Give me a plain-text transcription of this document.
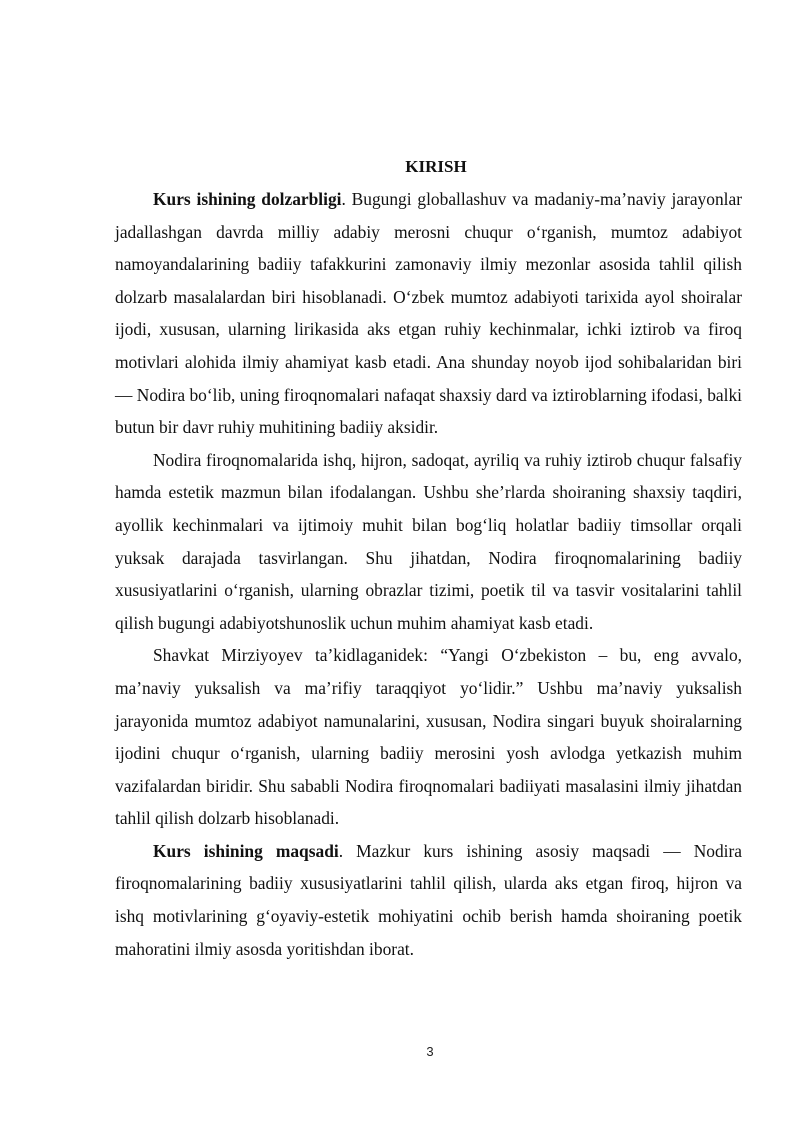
KIRISH

Kurs ishining dolzarbligi. Bugungi globallashuv va madaniy-ma’naviy jarayonlar jadallashgan davrda milliy adabiy merosni chuqur o‘rganish, mumtoz adabiyot namoyandalarining badiiy tafakkurini zamonaviy ilmiy mezonlar asosida tahlil qilish dolzarb masalalardan biri hisoblanadi. O‘zbek mumtoz adabiyoti tarixida ayol shoiralar ijodi, xususan, ularning lirikasida aks etgan ruhiy kechinmalar, ichki iztirob va firoq motivlari alohida ilmiy ahamiyat kasb etadi. Ana shunday noyob ijod sohibalaridan biri — Nodira bo‘lib, uning firoqnomalari nafaqat shaxsiy dard va iztiroblarning ifodasi, balki butun bir davr ruhiy muhitining badiiy aksidir.

Nodira firoqnomalarida ishq, hijron, sadoqat, ayriliq va ruhiy iztirob chuqur falsafiy hamda estetik mazmun bilan ifodalangan. Ushbu she’rlarda shoiraning shaxsiy taqdiri, ayollik kechinmalari va ijtimoiy muhit bilan bog‘liq holatlar badiiy timsollar orqali yuksak darajada tasvirlangan. Shu jihatdan, Nodira firoqnomalarining badiiy xususiyatlarini o‘rganish, ularning obrazlar tizimi, poetik til va tasvir vositalarini tahlil qilish bugungi adabiyotshunoslik uchun muhim ahamiyat kasb etadi.

Shavkat Mirziyoyev ta’kidlaganidek: “Yangi O‘zbekiston – bu, eng avvalo, ma’naviy yuksalish va ma’rifiy taraqqiyot yo‘lidir.” Ushbu ma’naviy yuksalish jarayonida mumtoz adabiyot namunalarini, xususan, Nodira singari buyuk shoiralarning ijodini chuqur o‘rganish, ularning badiiy merosini yosh avlodga yetkazish muhim vazifalardan biridir. Shu sababli Nodira firoqnomalari badiiyati masalasini ilmiy jihatdan tahlil qilish dolzarb hisoblanadi.

Kurs ishining maqsadi. Mazkur kurs ishining asosiy maqsadi — Nodira firoqnomalarining badiiy xususiyatlarini tahlil qilish, ularda aks etgan firoq, hijron va ishq motivlarining g‘oyaviy-estetik mohiyatini ochib berish hamda shoiraning poetik mahoratini ilmiy asosda yoritishdan iborat.

3
